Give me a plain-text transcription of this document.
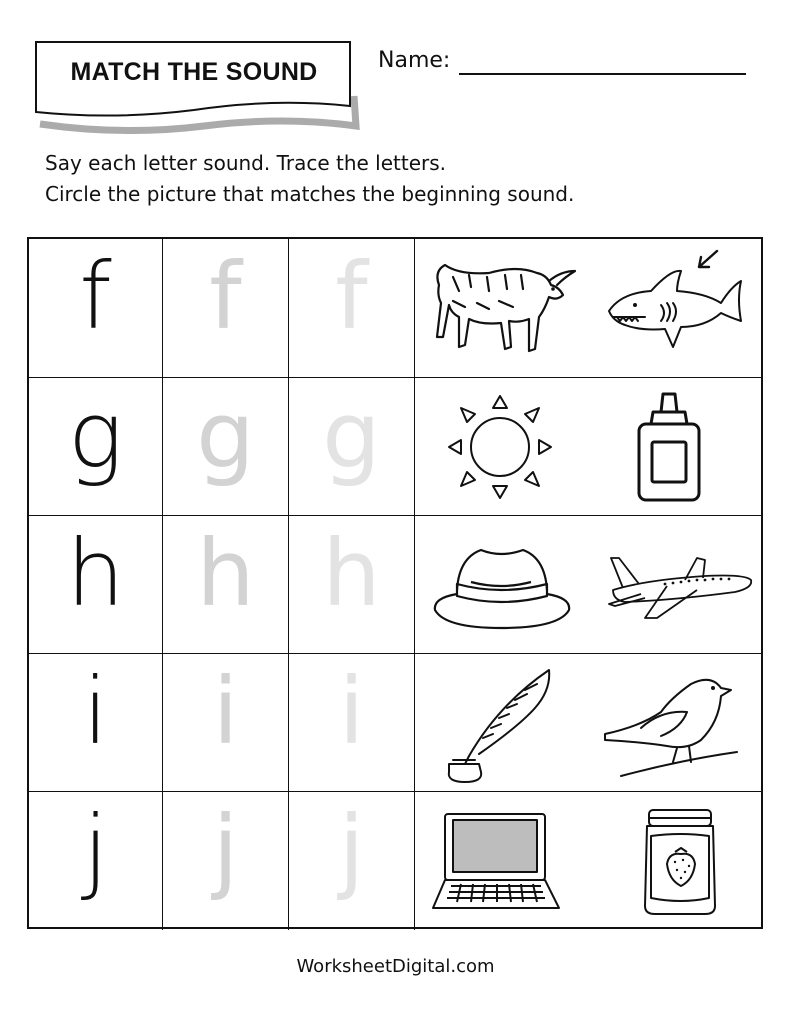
MATCH THE SOUND	Name:
Say each letter sound. Trace the letters.
Circle the picture that matches the beginning sound.
f	f	f
g g g
h h h
i	i	i
j	j	j
WorksheetDigital.com
